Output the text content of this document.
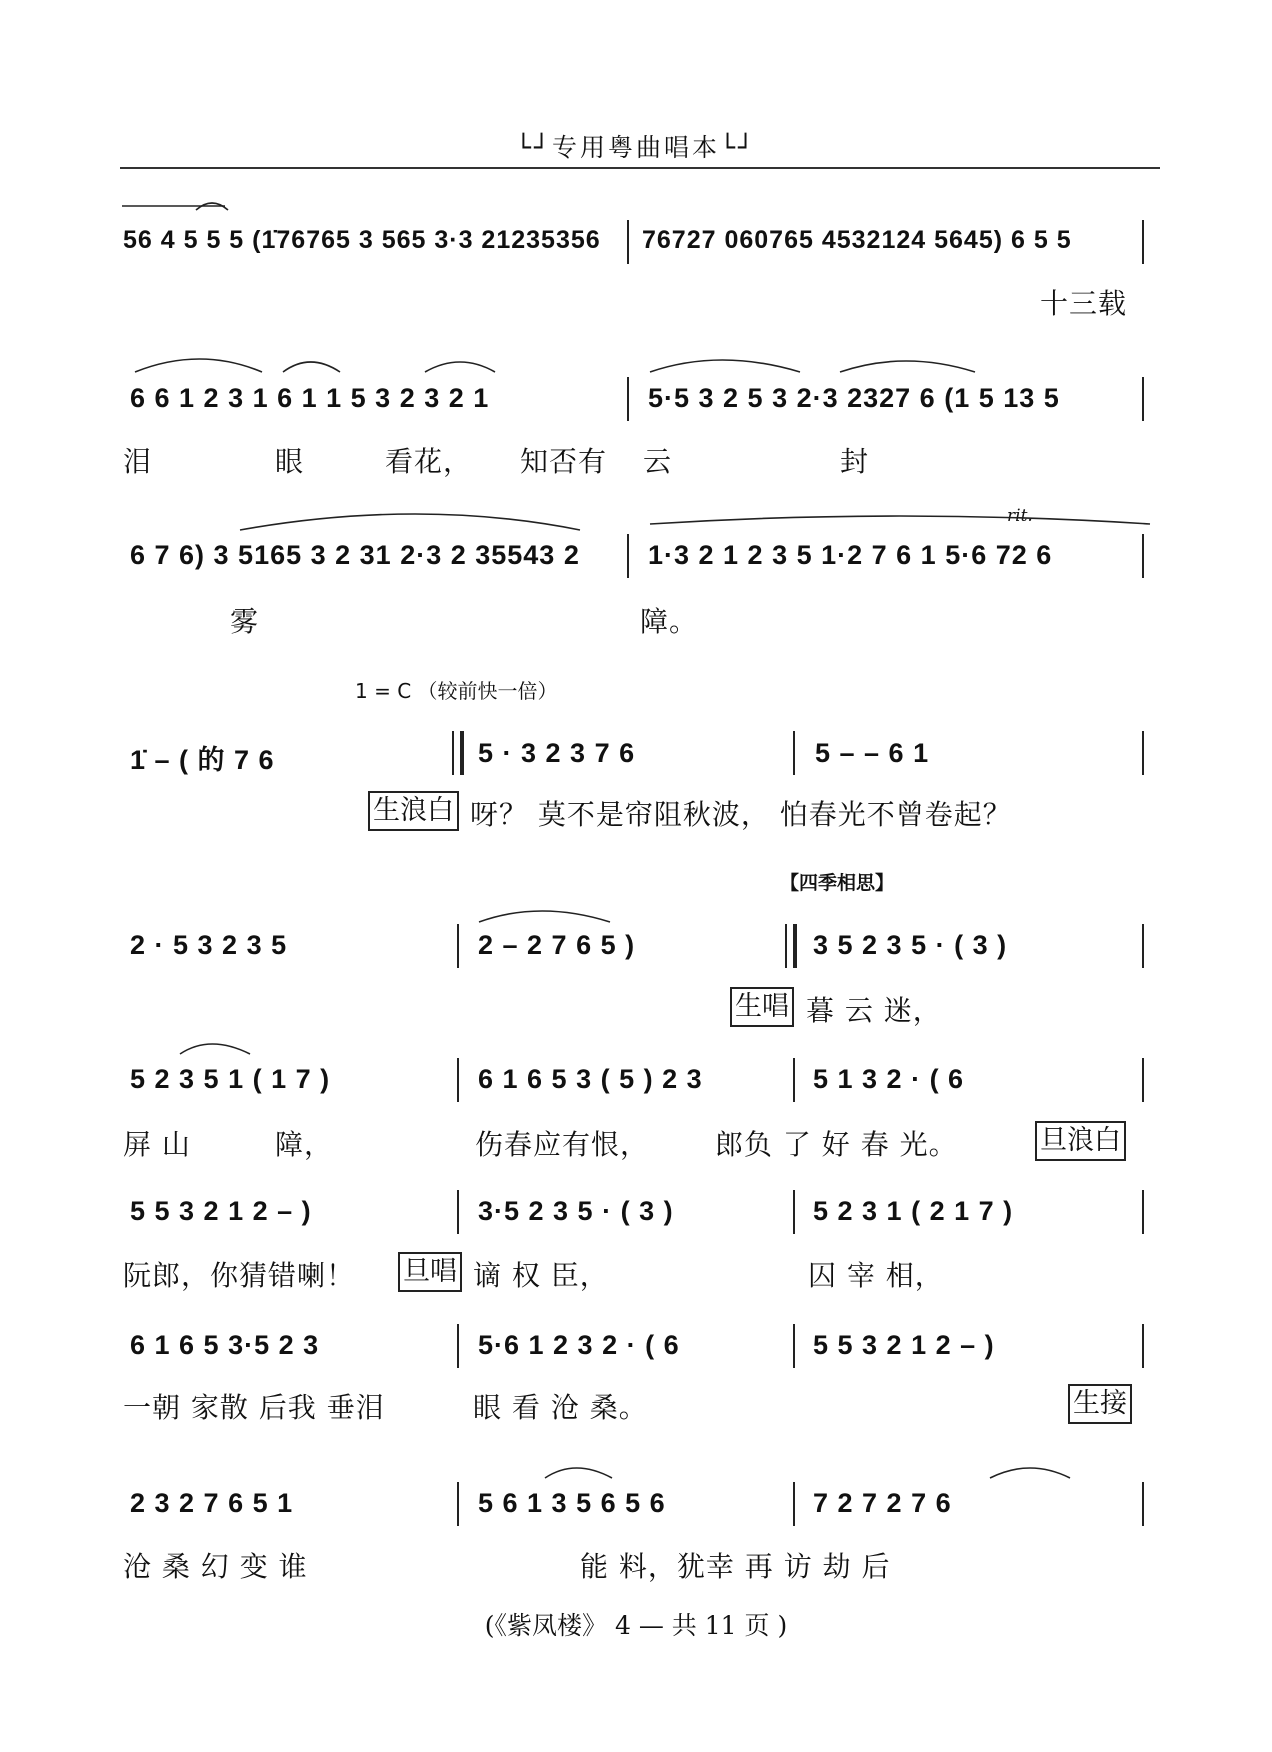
└┘专用粤曲唱本└┘
56 4 5 5 5 (1̇76765 3 565 3·3 21235356 76727 060765 4532124 5645) 6 5 5
十三载
6 6 1 2 3 1 6 1 1 5 3 2 3 2 1	5·5 3 2 5 3 2·3 2327 6 (1 5 13 5
泪	眼	看花， 知否有 云	封
6 7 6) 3 5165 3 2 31 2·3 2 35543 2	1·3 2 1 2 3 5 1·2 7 6 1 5·6 72 6
rit.
雾	障。
1 = C （较前快一倍）
1̇ – ( 的 7 6	5 · 3 2 3 7 6	5 – – 6 1
生浪白 呀？ 莫不是帘阻秋波， 怕春光不曾卷起？
【四季相思】
2 · 5 3 2 3 5	2 – 2 7 6 5 )	3 5 2 3 5 · ( 3 )
生唱 暮 云 迷，
5 2 3 5 1 ( 1 7 )	6 1 6 5 3 ( 5 ) 2 3	5 1 3 2 · ( 6
屏 山	障，	伤春应有恨， 郎负 了 好 春 光。	旦浪白
5 5 3 2 1 2 – )	3·5 2 3 5 · ( 3 )	5 2 3 1 ( 2 1 7 )
阮郎，你猜错喇！ 旦唱 谪 权 臣，	囚 宰 相，
6 1 6 5 3·5 2 3	5·6 1 2 3 2 · ( 6	5 5 3 2 1 2 – )
一朝 家散 后我 垂泪	眼 看 沧 桑。	生接
2 3 2 7 6 5 1	5 6 1 3 5 6 5 6	7 2 7 2 7 6
沧 桑 幻 变 谁	能 料，犹幸 再 访 劫 后
(《紫凤楼》 4 — 共 11 页 )
